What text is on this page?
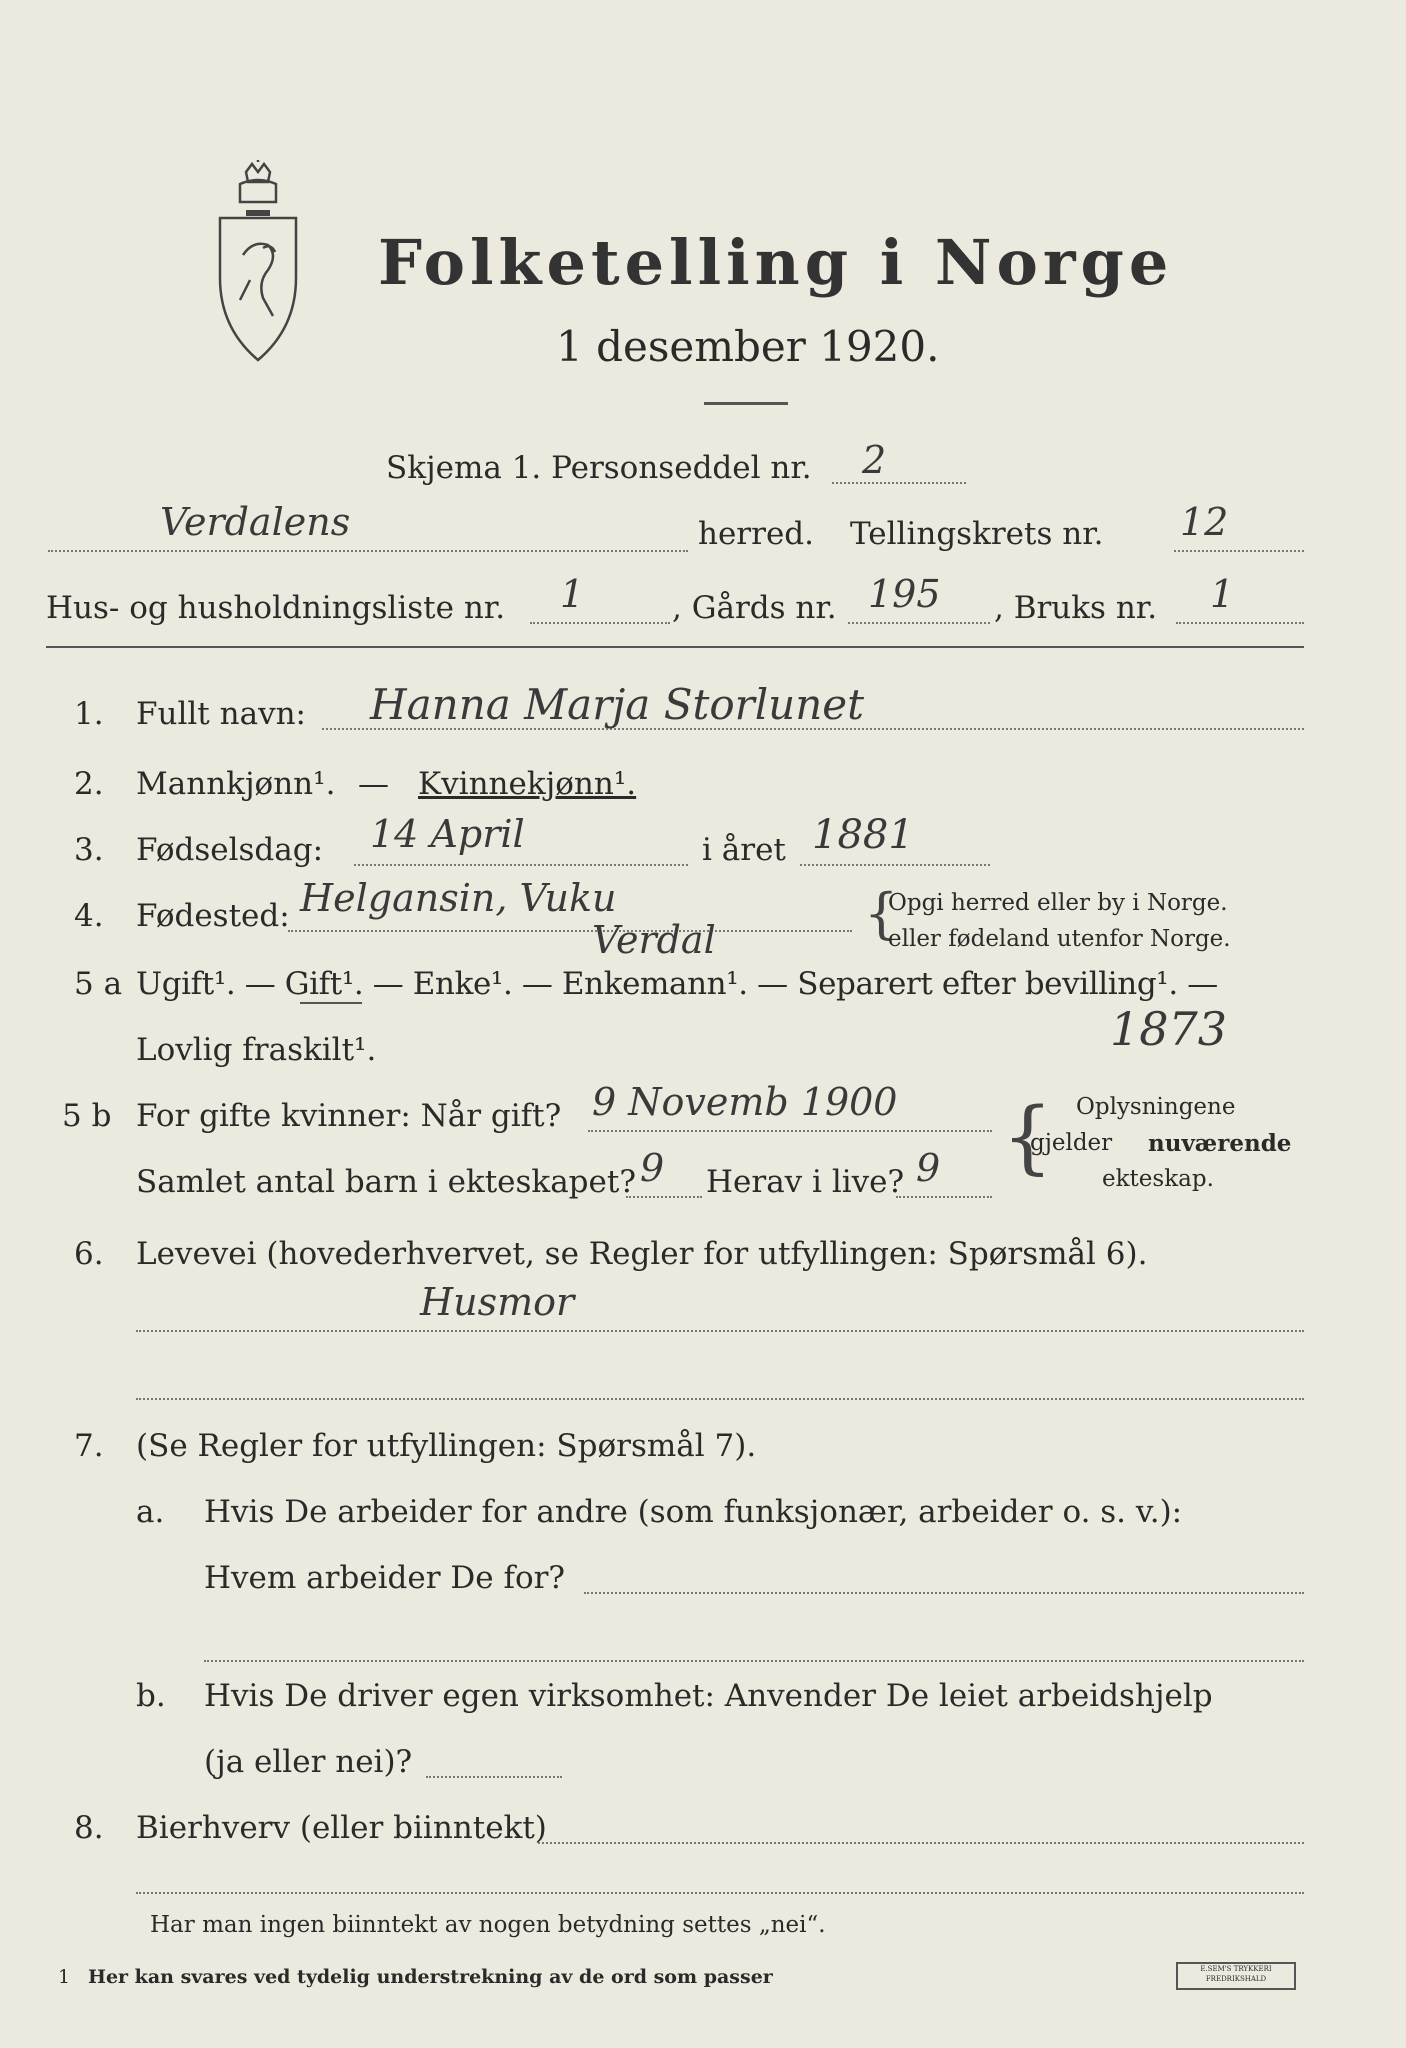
Folketelling i Norge
1 desember 1920.
Skjema 1. Personseddel nr. 2
Verdalens	herred. Tellingskrets nr. 12
Hus- og husholdningsliste nr. 1	, Gårds nr. 195 , Bruks nr. 1
1. Fullt navn: Hanna Marja Storlunet
2. Mannkjønn¹. — Kvinnekjønn¹.
3. Fødselsdag: 14 April	i året 1881
4. Fødested: Helgansin, Vuku
Verdal	{
Opgi herred eller by i Norge.
eller fødeland utenfor Norge.
5 a Ugift¹. — Gift¹. — Enke¹. — Enkemann¹. — Separert efter bevilling¹. —
Lovlig fraskilt¹.	1873
5 b For gifte kvinner: Når gift? 9 Novemb 1900
Samlet antal barn i ekteskapet? 9 Herav i live? 9 { Oplysningene
gjelder nuværende
ekteskap.
6. Levevei (hovederhvervet, se Regler for utfyllingen: Spørsmål 6).
Husmor
7. (Se Regler for utfyllingen: Spørsmål 7).
a. Hvis De arbeider for andre (som funksjonær, arbeider o. s. v.):
Hvem arbeider De for?
b. Hvis De driver egen virksomhet: Anvender De leiet arbeidshjelp
(ja eller nei)?
8. Bierhverv (eller biinntekt)
Har man ingen biinntekt av nogen betydning settes „nei“.
1 Her kan svares ved tydelig understrekning av de ord som passer	E.SEM'S TRYKKERI FREDRIKSHALD
